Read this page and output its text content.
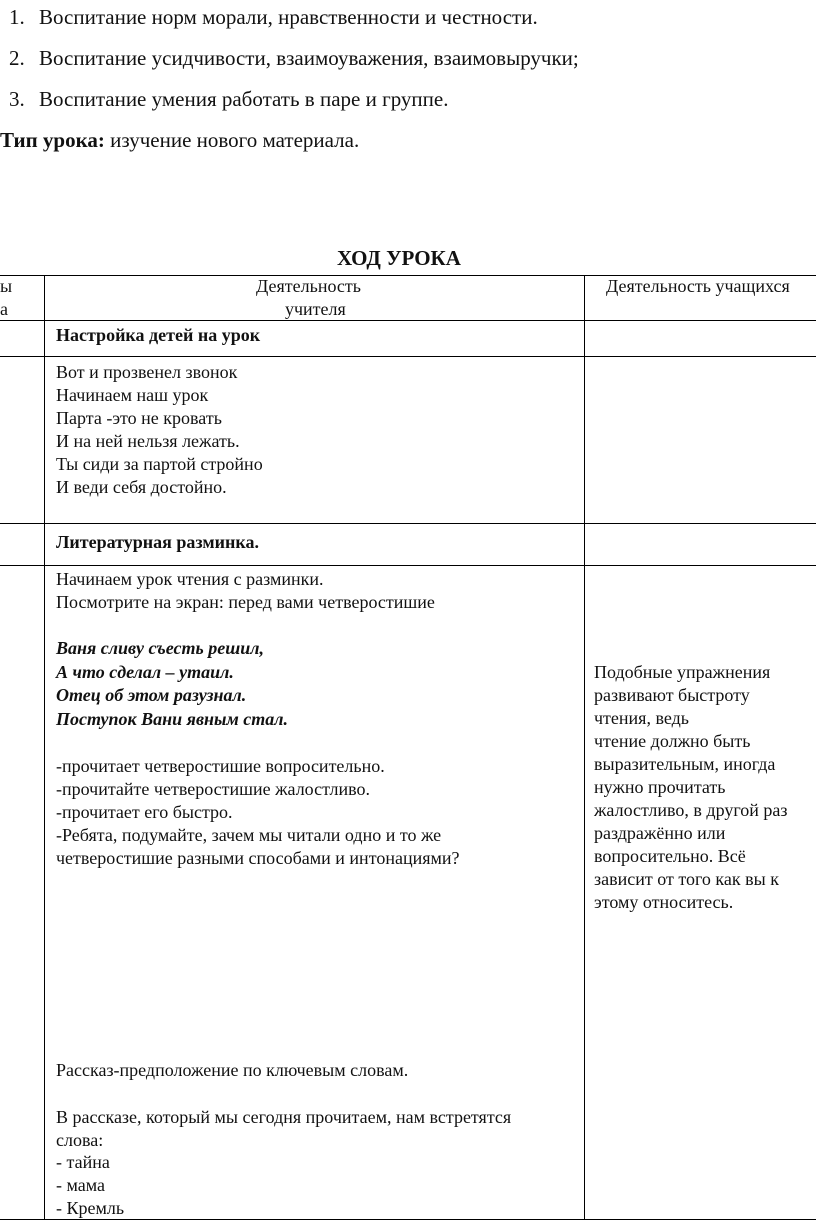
1. Воспитание норм морали, нравственности и честности.
2. Воспитание усидчивости, взаимоуважения, взаимовыручки;
3. Воспитание умения работать в паре и группе.
Тип урока: изучение нового материала.
ХОД УРОКА
ы
а
Деятельность
учителя
Деятельность учащихся
Настройка детей на урок
Вот и прозвенел звонок
Начинаем наш урок
Парта -это не кровать
И на ней нельзя лежать.
Ты сиди за партой стройно
И веди себя достойно.
Литературная разминка.
Начинаем урок чтения с разминки.
Посмотрите на экран: перед вами четверостишие
Ваня сливу съесть решил,
А что сделал – утаил.
Отец об этом разузнал.
Поступок Вани явным стал.
-прочитает четверостишие вопросительно.
-прочитайте четверостишие жалостливо.
-прочитает его быстро.
-Ребята, подумайте, зачем мы читали одно и то же
четверостишие разными способами и интонациями?
Подобные упражнения
развивают быстроту
чтения, ведь
чтение должно быть
выразительным, иногда
нужно прочитать
жалостливо, в другой раз
раздражённо или
вопросительно. Всё
зависит от того как вы к
этому относитесь.
Рассказ-предположение по ключевым словам.
В рассказе, который мы сегодня прочитаем, нам встретятся
слова:
- тайна
- мама
- Кремль
